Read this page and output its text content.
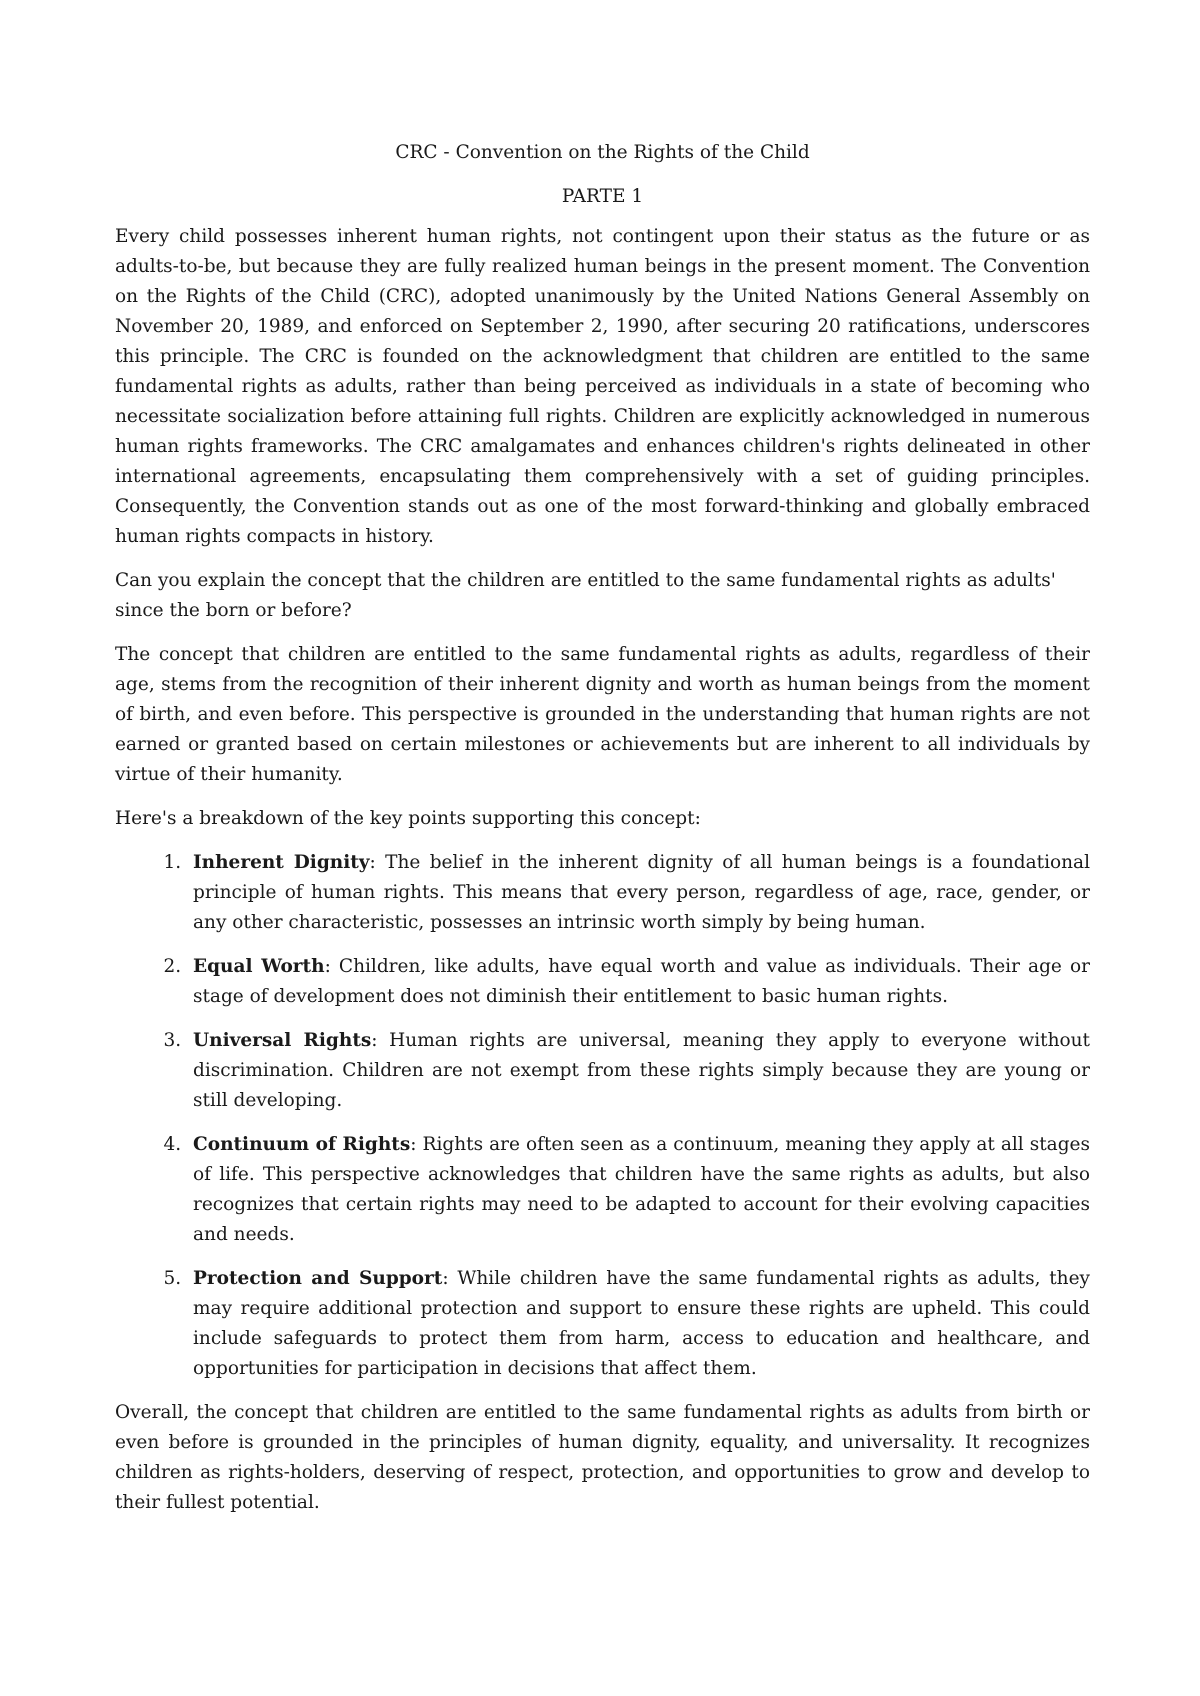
CRC - Convention on the Rights of the Child
PARTE 1

Every child possesses inherent human rights, not contingent upon their status as the future or as adults-to-be, but because they are fully realized human beings in the present moment. The Convention on the Rights of the Child (CRC), adopted unanimously by the United Nations General Assembly on November 20, 1989, and enforced on September 2, 1990, after securing 20 ratifications, underscores this principle. The CRC is founded on the acknowledgment that children are entitled to the same fundamental rights as adults, rather than being perceived as individuals in a state of becoming who necessitate socialization before attaining full rights. Children are explicitly acknowledged in numerous human rights frameworks. The CRC amalgamates and enhances children's rights delineated in other international agreements, encapsulating them comprehensively with a set of guiding principles. Consequently, the Convention stands out as one of the most forward-thinking and globally embraced human rights compacts in history.

Can you explain the concept that the children are entitled to the same fundamental rights as adults' since the born or before?

The concept that children are entitled to the same fundamental rights as adults, regardless of their age, stems from the recognition of their inherent dignity and worth as human beings from the moment of birth, and even before. This perspective is grounded in the understanding that human rights are not earned or granted based on certain milestones or achievements but are inherent to all individuals by virtue of their humanity.

Here's a breakdown of the key points supporting this concept:

1. Inherent Dignity: The belief in the inherent dignity of all human beings is a foundational principle of human rights. This means that every person, regardless of age, race, gender, or any other characteristic, possesses an intrinsic worth simply by being human.
2. Equal Worth: Children, like adults, have equal worth and value as individuals. Their age or stage of development does not diminish their entitlement to basic human rights.
3. Universal Rights: Human rights are universal, meaning they apply to everyone without discrimination. Children are not exempt from these rights simply because they are young or still developing.
4. Continuum of Rights: Rights are often seen as a continuum, meaning they apply at all stages of life. This perspective acknowledges that children have the same rights as adults, but also recognizes that certain rights may need to be adapted to account for their evolving capacities and needs.
5. Protection and Support: While children have the same fundamental rights as adults, they may require additional protection and support to ensure these rights are upheld. This could include safeguards to protect them from harm, access to education and healthcare, and opportunities for participation in decisions that affect them.

Overall, the concept that children are entitled to the same fundamental rights as adults from birth or even before is grounded in the principles of human dignity, equality, and universality. It recognizes children as rights-holders, deserving of respect, protection, and opportunities to grow and develop to their fullest potential.
